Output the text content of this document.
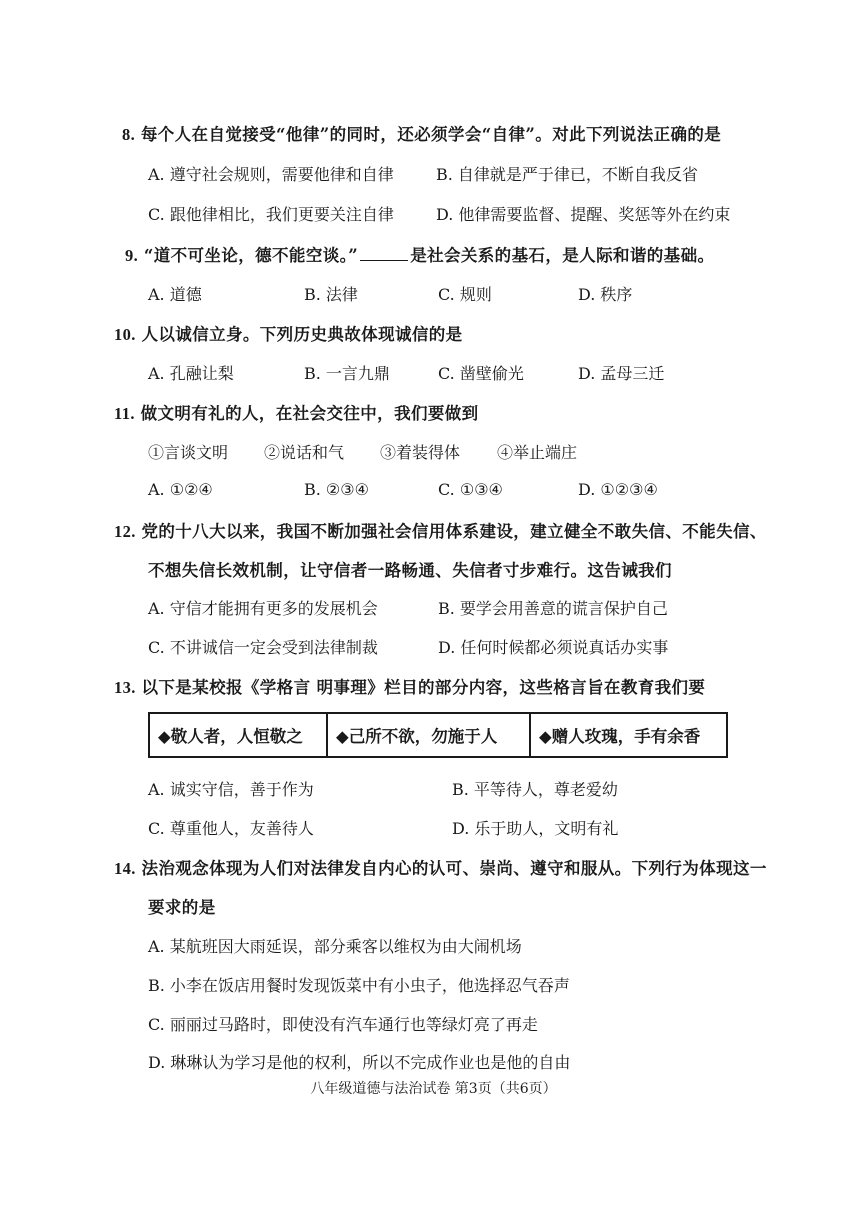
8. 每个人在自觉接受“他律”的同时，还必须学会“自律”。对此下列说法正确的是
A. 遵守社会规则，需要他律和自律	B. 自律就是严于律已，不断自我反省
C. 跟他律相比，我们更要关注自律	D. 他律需要监督、提醒、奖惩等外在约束
9. “道不可坐论，德不能空谈。”	是社会关系的基石，是人际和谐的基础。
A. 道德	B. 法律	C. 规则	D. 秩序
10. 人以诚信立身。下列历史典故体现诚信的是
A. 孔融让梨	B. 一言九鼎	C. 凿壁偷光	D. 孟母三迁
11. 做文明有礼的人，在社会交往中，我们要做到
①言谈文明 ②说话和气 ③着装得体 ④举止端庄
A. ①②④	B. ②③④	C. ①③④	D. ①②③④
12. 党的十八大以来，我国不断加强社会信用体系建设，建立健全不敢失信、不能失信、
不想失信长效机制，让守信者一路畅通、失信者寸步难行。这告诫我们
A. 守信才能拥有更多的发展机会	B. 要学会用善意的谎言保护自己
C. 不讲诚信一定会受到法律制裁	D. 任何时候都必须说真话办实事
13. 以下是某校报《学格言 明事理》栏目的部分内容，这些格言旨在教育我们要
◆敬人者，人恒敬之	◆己所不欲，勿施于人	◆赠人玫瑰，手有余香
A. 诚实守信，善于作为	B. 平等待人，尊老爱幼
C. 尊重他人，友善待人	D. 乐于助人，文明有礼
14. 法治观念体现为人们对法律发自内心的认可、崇尚、遵守和服从。下列行为体现这一
要求的是
A. 某航班因大雨延误，部分乘客以维权为由大闹机场
B. 小李在饭店用餐时发现饭菜中有小虫子，他选择忍气吞声
C. 丽丽过马路时，即使没有汽车通行也等绿灯亮了再走
D. 琳琳认为学习是他的权利，所以不完成作业也是他的自由
八年级道德与法治试卷 第3页（共6页）
